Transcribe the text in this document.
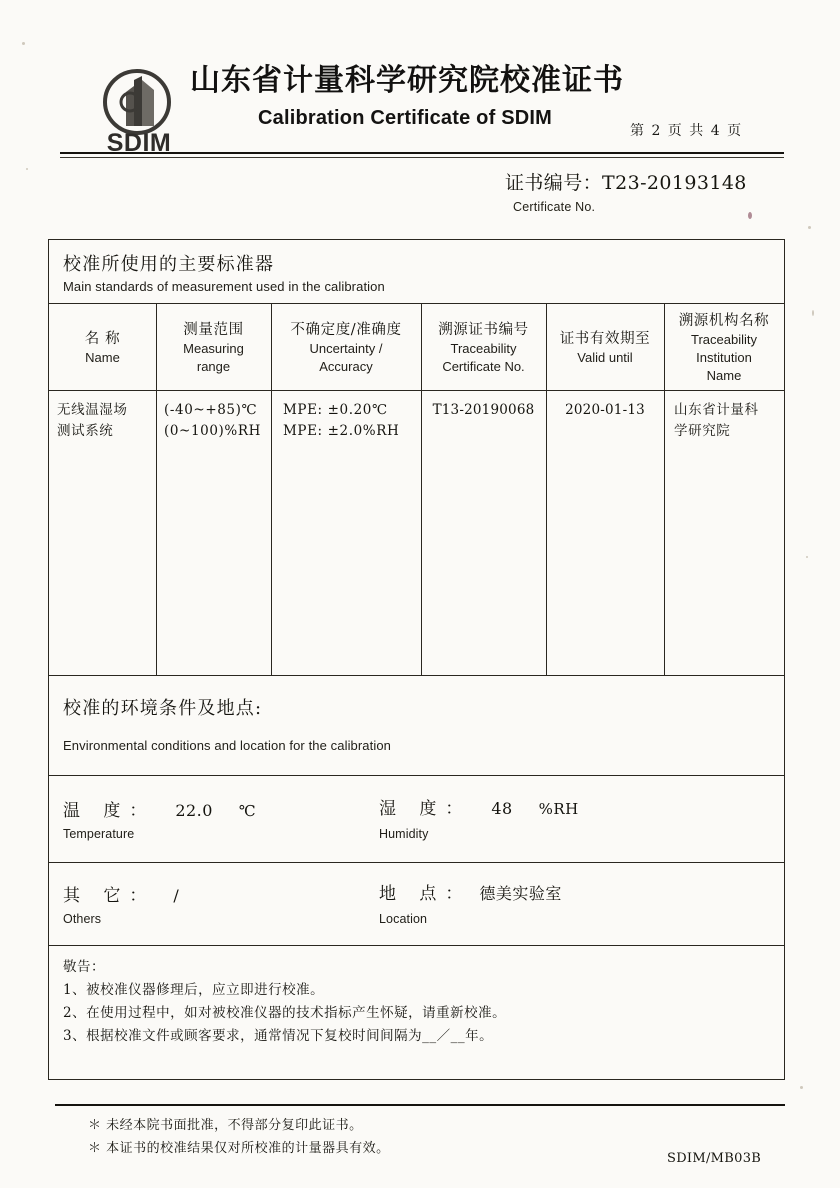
SDIM
山东省计量科学研究院校准证书
Calibration Certificate of SDIM
第 2 页 共 4 页
证书编号：T23-20193148
Certificate No.
校准所使用的主要标准器
Main standards of measurement used in the calibration
名 称
Name
测量范围
Measuring
range
不确定度/准确度
Uncertainty /
Accuracy
溯源证书编号
Traceability
Certificate No.
证书有效期至
Valid until
溯源机构名称
Traceability
Institution
Name
无线温湿场
测试系统
(-40~+85)℃
(0~100)%RH
MPE: ±0.20℃
MPE: ±2.0%RH
T13-20190068	2020-01-13	山东省计量科
学研究院
校准的环境条件及地点:
Environmental conditions and location for the calibration
温 度： 22.0 ℃
Temperature
湿 度： 48 %RH
Humidity
其 它： /
Others
地 点： 德美实验室
Location
敬告：
1、被校准仪器修理后，应立即进行校准。
2、在使用过程中，如对被校准仪器的技术指标产生怀疑，请重新校准。
3、根据校准文件或顾客要求，通常情况下复校时间间隔为__／__年。
＊ 未经本院书面批准，不得部分复印此证书。
＊ 本证书的校准结果仅对所校准的计量器具有效。
SDIM/MB03B
